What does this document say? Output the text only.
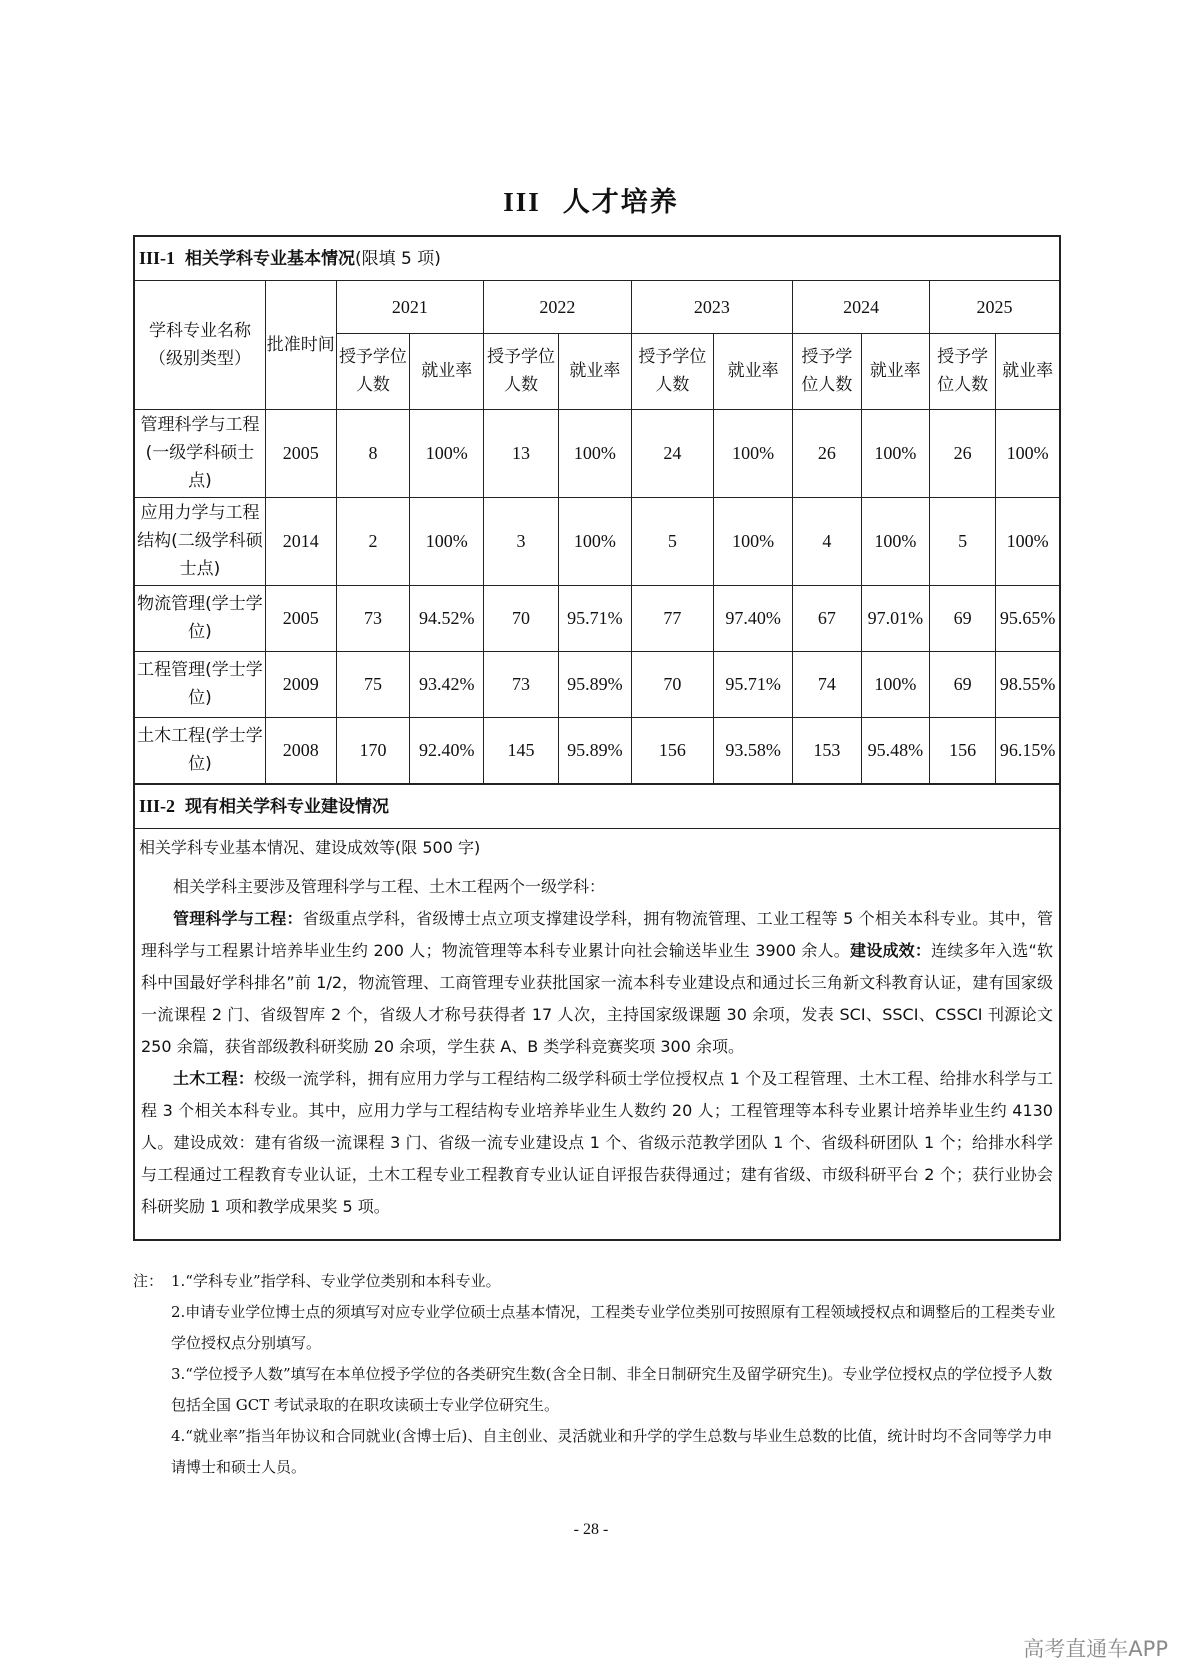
III 人才培养
III-1 相关学科专业基本情况(限填 5 项)
学科专业名称（级别类型）	批准时间	2021		2022		2023		2024		2025	
		授予学位人数	就业率	授予学位人数	就业率	授予学位人数	就业率	授予学位人数	就业率	授予学位人数	就业率
管理科学与工程(一级学科硕士点)	2005	8	100%	13	100%	24	100%	26	100%	26	100%
应用力学与工程结构(二级学科硕士点)	2014	2	100%	3	100%	5	100%	4	100%	5	100%
物流管理(学士学位)	2005	73	94.52%	70	95.71%	77	97.40%	67	97.01%	69	95.65%
工程管理(学士学位)	2009	75	93.42%	73	95.89%	70	95.71%	74	100%	69	98.55%
土木工程(学士学位)	2008	170	92.40%	145	95.89%	156	93.58%	153	95.48%	156	96.15%
III-2 现有相关学科专业建设情况
相关学科专业基本情况、建设成效等(限 500 字)

相关学科主要涉及管理科学与工程、土木工程两个一级学科：

管理科学与工程：省级重点学科，省级博士点立项支撑建设学科，拥有物流管理、工业工程等 5 个相关本科专业。其中，管理科学与工程累计培养毕业生约 200 人；物流管理等本科专业累计向社会输送毕业生 3900 余人。建设成效：连续多年入选“软科中国最好学科排名”前 1/2，物流管理、工商管理专业获批国家一流本科专业建设点和通过长三角新文科教育认证，建有国家级一流课程 2 门、省级智库 2 个，省级人才称号获得者 17 人次，主持国家级课题 30 余项，发表 SCI、SSCI、CSSCI 刊源论文 250 余篇，获省部级教科研奖励 20 余项，学生获 A、B 类学科竞赛奖项 300 余项。

土木工程：校级一流学科，拥有应用力学与工程结构二级学科硕士学位授权点 1 个及工程管理、土木工程、给排水科学与工程 3 个相关本科专业。其中，应用力学与工程结构专业培养毕业生人数约 20 人；工程管理等本科专业累计培养毕业生约 4130 人。建设成效：建有省级一流课程 3 门、省级一流专业建设点 1 个、省级示范教学团队 1 个、省级科研团队 1 个；给排水科学与工程通过工程教育专业认证，土木工程专业工程教育专业认证自评报告获得通过；建有省级、市级科研平台 2 个；获行业协会科研奖励 1 项和教学成果奖 5 项。

注： 1.“学科专业”指学科、专业学位类别和本科专业。
2.申请专业学位博士点的须填写对应专业学位硕士点基本情况，工程类专业学位类别可按照原有工程领域授权点和调整后的工程类专业学位授权点分别填写。
3.“学位授予人数”填写在本单位授予学位的各类研究生数(含全日制、非全日制研究生及留学研究生)。专业学位授权点的学位授予人数包括全国 GCT 考试录取的在职攻读硕士专业学位研究生。
4.“就业率”指当年协议和合同就业(含博士后)、自主创业、灵活就业和升学的学生总数与毕业生总数的比值，统计时均不含同等学力申请博士和硕士人员。
- 28 -
高考直通车APP
